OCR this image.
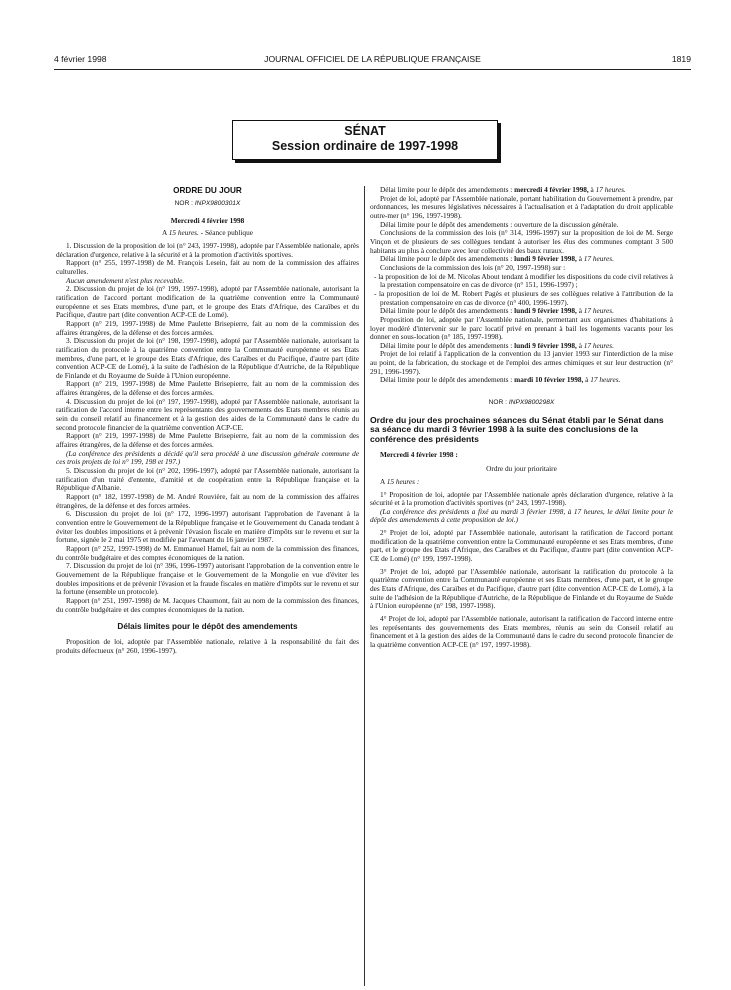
4 février 1998	JOURNAL OFFICIEL DE LA RÉPUBLIQUE FRANÇAISE	1819
SÉNAT
Session ordinaire de 1997-1998

ORDRE DU JOUR

NOR : INPX9800301X

Mercredi 4 février 1998

A 15 heures. - Séance publique

1. Discussion de la proposition de loi (n° 243, 1997-1998), adoptée par l'Assemblée nationale, après déclaration d'urgence, relative à la sécurité et à la promotion d'activités sportives.

Rapport (n° 255, 1997-1998) de M. François Lesein, fait au nom de la commission des affaires culturelles.

Aucun amendement n'est plus recevable.

2. Discussion du projet de loi (n° 199, 1997-1998), adopté par l'Assemblée nationale, autorisant la ratification de l'accord portant modification de la quatrième convention entre la Communauté européenne et ses Etats membres, d'une part, et le groupe des Etats d'Afrique, des Caraïbes et du Pacifique, d'autre part (dite convention ACP-CE de Lomé).

Rapport (n° 219, 1997-1998) de Mme Paulette Brisepierre, fait au nom de la commission des affaires étrangères, de la défense et des forces armées.

3. Discussion du projet de loi (n° 198, 1997-1998), adopté par l'Assemblée nationale, autorisant la ratification du protocole à la quatrième convention entre la Communauté européenne et ses Etats membres, d'une part, et le groupe des Etats d'Afrique, des Caraïbes et du Pacifique, d'autre part (dite convention ACP-CE de Lomé), à la suite de l'adhésion de la République d'Autriche, de la République de Finlande et du Royaume de Suède à l'Union européenne.

Rapport (n° 219, 1997-1998) de Mme Paulette Brisepierre, fait au nom de la commission des affaires étrangères, de la défense et des forces armées.

4. Discussion du projet de loi (n° 197, 1997-1998), adopté par l'Assemblée nationale, autorisant la ratification de l'accord interne entre les représentants des gouvernements des Etats membres réunis au sein du conseil relatif au financement et à la gestion des aides de la Communauté dans le cadre du second protocole financier de la quatrième convention ACP-CE.

Rapport (n° 219, 1997-1998) de Mme Paulette Brisepierre, fait au nom de la commission des affaires étrangères, de la défense et des forces armées.

(La conférence des présidents a décidé qu'il sera procédé à une discussion générale commune de ces trois projets de loi n° 199, 198 et 197.)

5. Discussion du projet de loi (n° 202, 1996-1997), adopté par l'Assemblée nationale, autorisant la ratification d'un traité d'entente, d'amitié et de coopération entre la République française et la République d'Albanie.

Rapport (n° 182, 1997-1998) de M. André Rouvière, fait au nom de la commission des affaires étrangères, de la défense et des forces armées.

6. Discussion du projet de loi (n° 172, 1996-1997) autorisant l'approbation de l'avenant à la convention entre le Gouvernement de la République française et le Gouvernement du Canada tendant à éviter les doubles impositions et à prévenir l'évasion fiscale en matière d'impôts sur le revenu et sur la fortune, signée le 2 mai 1975 et modifiée par l'avenant du 16 janvier 1987.

Rapport (n° 252, 1997-1998) de M. Emmanuel Hamel, fait au nom de la commission des finances, du contrôle budgétaire et des comptes économiques de la nation.

7. Discussion du projet de loi (n° 396, 1996-1997) autorisant l'approbation de la convention entre le Gouvernement de la République française et le Gouvernement de la Mongolie en vue d'éviter les doubles impositions et de prévenir l'évasion et la fraude fiscales en matière d'impôts sur le revenu et sur la fortune (ensemble un protocole).

Rapport (n° 251, 1997-1998) de M. Jacques Chaumont, fait au nom de la commission des finances, du contrôle budgétaire et des comptes économiques de la nation.

Délais limites pour le dépôt des amendements

Proposition de loi, adoptée par l'Assemblée nationale, relative à la responsabilité du fait des produits défectueux (n° 260, 1996-1997).

Délai limite pour le dépôt des amendements : mercredi 4 février 1998, à 17 heures.

Projet de loi, adopté par l'Assemblée nationale, portant habilitation du Gouvernement à prendre, par ordonnances, les mesures législatives nécessaires à l'actualisation et à l'adaptation du droit applicable outre-mer (n° 196, 1997-1998).

Délai limite pour le dépôt des amendements : ouverture de la discussion générale.

Conclusions de la commission des lois (n° 314, 1996-1997) sur la proposition de loi de M. Serge Vinçon et de plusieurs de ses collègues tendant à autoriser les élus des communes comptant 3 500 habitants au plus à conclure avec leur collectivité des baux ruraux.

Délai limite pour le dépôt des amendements : lundi 9 février 1998, à 17 heures.

Conclusions de la commission des lois (n° 20, 1997-1998) sur :

- la proposition de loi de M. Nicolas About tendant à modifier les dispositions du code civil relatives à la prestation compensatoire en cas de divorce (n° 151, 1996-1997) ;

- la proposition de loi de M. Robert Pagès et plusieurs de ses collègues relative à l'attribution de la prestation compensatoire en cas de divorce (n° 400, 1996-1997).

Délai limite pour le dépôt des amendements : lundi 9 février 1998, à 17 heures.

Proposition de loi, adoptée par l'Assemblée nationale, permettant aux organismes d'habitations à loyer modéré d'intervenir sur le parc locatif privé en prenant à bail les logements vacants pour les donner en sous-location (n° 185, 1997-1998).

Délai limite pour le dépôt des amendements : lundi 9 février 1998, à 17 heures.

Projet de loi relatif à l'application de la convention du 13 janvier 1993 sur l'interdiction de la mise au point, de la fabrication, du stockage et de l'emploi des armes chimiques et sur leur destruction (n° 291, 1996-1997).

Délai limite pour le dépôt des amendements : mardi 10 février 1998, à 17 heures.

NOR : INPX9800298X

Ordre du jour des prochaines séances du Sénat établi par le Sénat dans sa séance du mardi 3 février 1998 à la suite des conclusions de la conférence des présidents

Mercredi 4 février 1998 :

Ordre du jour prioritaire

A 15 heures :

1° Proposition de loi, adoptée par l'Assemblée nationale après déclaration d'urgence, relative à la sécurité et à la promotion d'activités sportives (n° 243, 1997-1998).

(La conférence des présidents a fixé au mardi 3 février 1998, à 17 heures, le délai limite pour le dépôt des amendements à cette proposition de loi.)

2° Projet de loi, adopté par l'Assemblée nationale, autorisant la ratification de l'accord portant modification de la quatrième convention entre la Communauté européenne et ses Etats membres, d'une part, et le groupe des Etats d'Afrique, des Caraïbes et du Pacifique, d'autre part (dite convention ACP-CE de Lomé) (n° 199, 1997-1998).

3° Projet de loi, adopté par l'Assemblée nationale, autorisant la ratification du protocole à la quatrième convention entre la Communauté européenne et ses Etats membres, d'une part, et le groupe des Etats d'Afrique, des Caraïbes et du Pacifique, d'autre part (dite convention ACP-CE de Lomé), à la suite de l'adhésion de la République d'Autriche, de la République de Finlande et du Royaume de Suède à l'Union européenne (n° 198, 1997-1998).

4° Projet de loi, adopté par l'Assemblée nationale, autorisant la ratification de l'accord interne entre les représentants des gouvernements des Etats membres, réunis au sein du Conseil relatif au financement et à la gestion des aides de la Communauté dans le cadre du second protocole financier de la quatrième convention ACP-CE (n° 197, 1997-1998).
